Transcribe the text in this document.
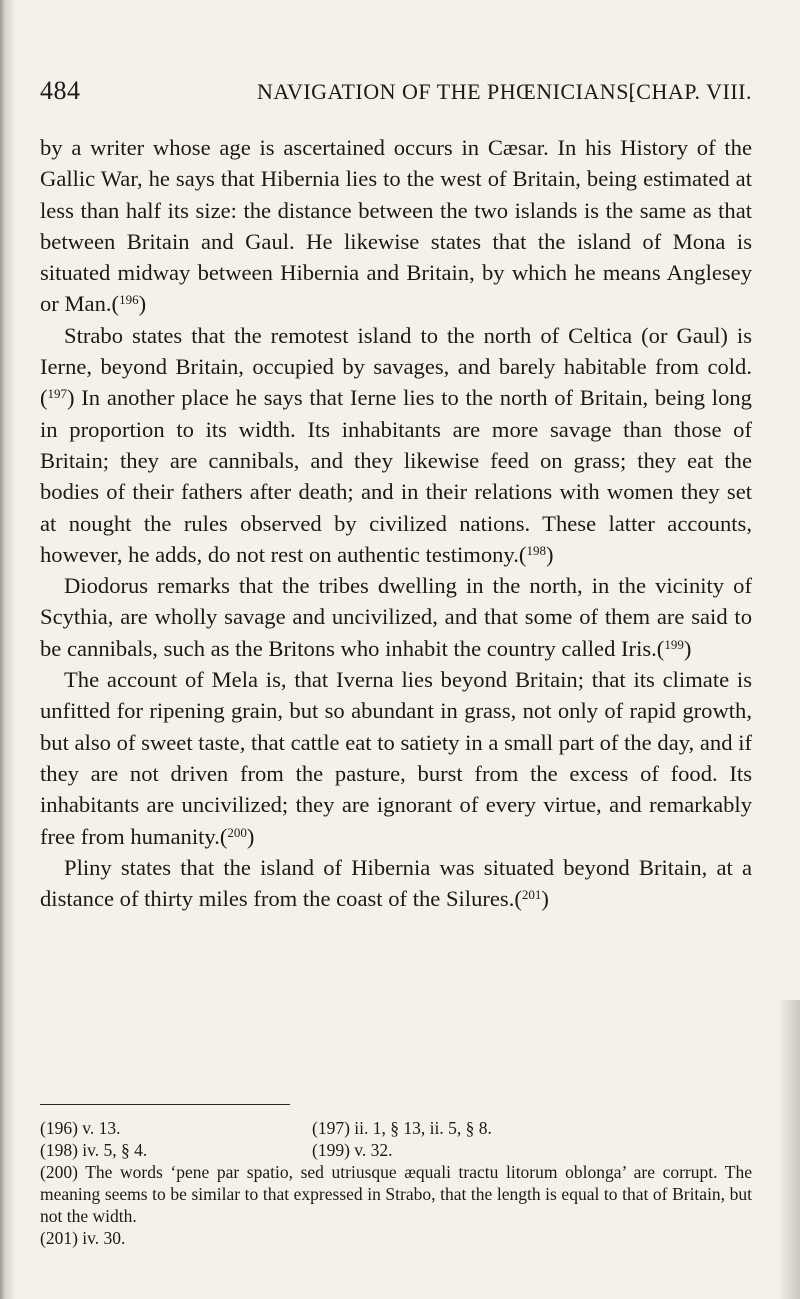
484	NAVIGATION OF THE PHŒNICIANS.
[CHAP. VIII.

by a writer whose age is ascertained occurs in Cæsar. In his History of the Gallic War, he says that Hibernia lies to the west of Britain, being estimated at less than half its size: the distance between the two islands is the same as that between Britain and Gaul. He likewise states that the island of Mona is situated midway between Hibernia and Britain, by which he means Anglesey or Man.($^{196}$)

Strabo states that the remotest island to the north of Celtica (or Gaul) is Ierne, beyond Britain, occupied by savages, and barely habitable from cold.($^{197}$) In another place he says that Ierne lies to the north of Britain, being long in proportion to its width. Its inhabitants are more savage than those of Britain; they are cannibals, and they likewise feed on grass; they eat the bodies of their fathers after death; and in their relations with women they set at nought the rules observed by civilized nations. These latter accounts, however, he adds, do not rest on authentic testimony.($^{198}$)

Diodorus remarks that the tribes dwelling in the north, in the vicinity of Scythia, are wholly savage and uncivilized, and that some of them are said to be cannibals, such as the Britons who inhabit the country called Iris.($^{199}$)

The account of Mela is, that Iverna lies beyond Britain; that its climate is unfitted for ripening grain, but so abundant in grass, not only of rapid growth, but also of sweet taste, that cattle eat to satiety in a small part of the day, and if they are not driven from the pasture, burst from the excess of food. Its inhabitants are uncivilized; they are ignorant of every virtue, and remarkably free from humanity.($^{200}$)

Pliny states that the island of Hibernia was situated beyond Britain, at a distance of thirty miles from the coast of the Silures.($^{201}$)

(196) v. 13.	(197) ii. 1, § 13, ii. 5, § 8.
(198) iv. 5, § 4.	(199) v. 32.
(200) The words ‘pene par spatio, sed utriusque æquali tractu litorum oblonga’ are corrupt. The meaning seems to be similar to that expressed in Strabo, that the length is equal to that of Britain, but not the width.
(201) iv. 30.
